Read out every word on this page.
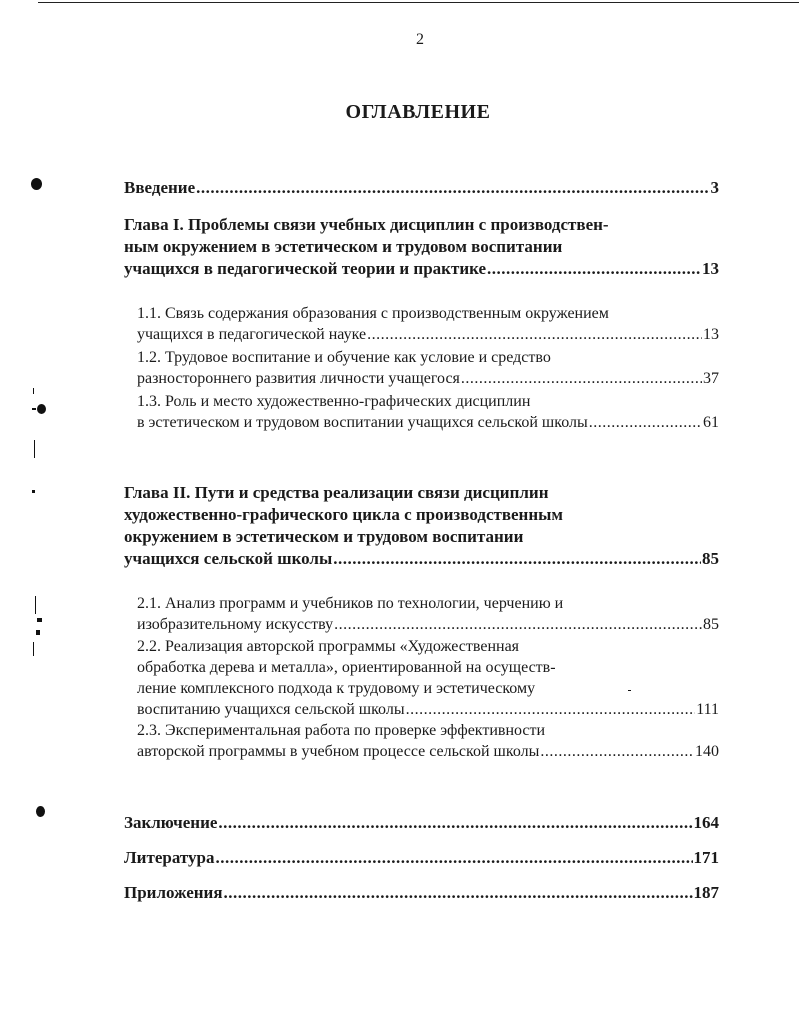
2
ОГЛАВЛЕНИЕ
Введение .....	3
Глава I. Проблемы связи учебных дисциплин с производствен-
ным окружением в эстетическом и трудовом воспитании
учащихся в педагогической теории и практике .....	13
1.1. Связь содержания образования с производственным окружением
учащихся в педагогической науке .....	13
1.2. Трудовое воспитание и обучение как условие и средство
разностороннего развития личности учащегося .....	37
1.3. Роль и место художественно-графических дисциплин
в эстетическом и трудовом воспитании учащихся сельской школы .....	61
Глава II. Пути и средства реализации связи дисциплин
художественно-графического цикла с производственным
окружением в эстетическом и трудовом воспитании
учащихся сельской школы .....	85
2.1. Анализ программ и учебников по технологии, черчению и
изобразительному искусству .....	85
2.2. Реализация авторской программы «Художественная
обработка дерева и металла», ориентированной на осуществ-
ление комплексного подхода к трудовому и эстетическому
воспитанию учащихся сельской школы .....	111
2.3. Экспериментальная работа по проверке эффективности
авторской программы в учебном процессе сельской школы .....	140
Заключение .....	164
Литература .....	171
Приложения .....	187
